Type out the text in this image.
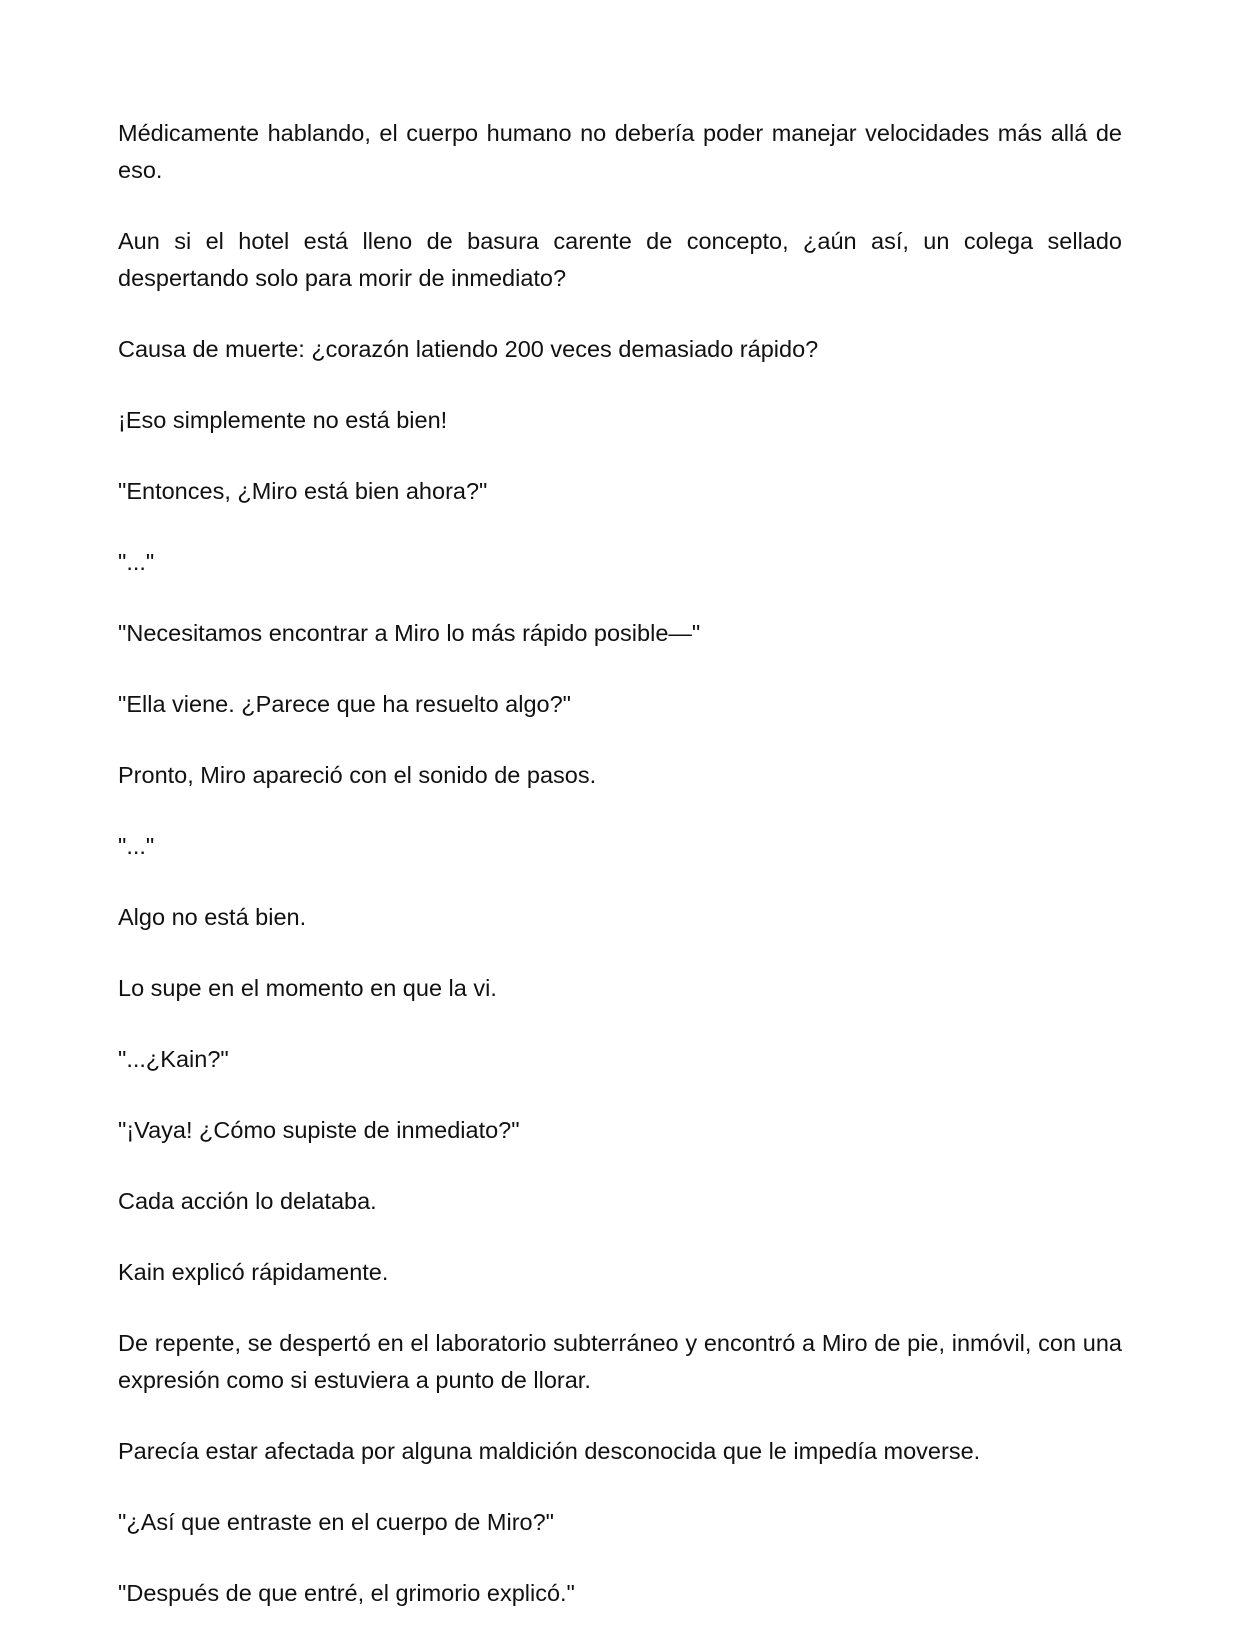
Médicamente hablando, el cuerpo humano no debería poder manejar velocidades más allá de eso.

Aun si el hotel está lleno de basura carente de concepto, ¿aún así, un colega sellado despertando solo para morir de inmediato?

Causa de muerte: ¿corazón latiendo 200 veces demasiado rápido?

¡Eso simplemente no está bien!

"Entonces, ¿Miro está bien ahora?"

"..."

"Necesitamos encontrar a Miro lo más rápido posible—"

"Ella viene. ¿Parece que ha resuelto algo?"

Pronto, Miro apareció con el sonido de pasos.

"..."

Algo no está bien.

Lo supe en el momento en que la vi.

"...¿Kain?"

"¡Vaya! ¿Cómo supiste de inmediato?"

Cada acción lo delataba.

Kain explicó rápidamente.

De repente, se despertó en el laboratorio subterráneo y encontró a Miro de pie, inmóvil, con una expresión como si estuviera a punto de llorar.

Parecía estar afectada por alguna maldición desconocida que le impedía moverse.

"¿Así que entraste en el cuerpo de Miro?"

"Después de que entré, el grimorio explicó."
